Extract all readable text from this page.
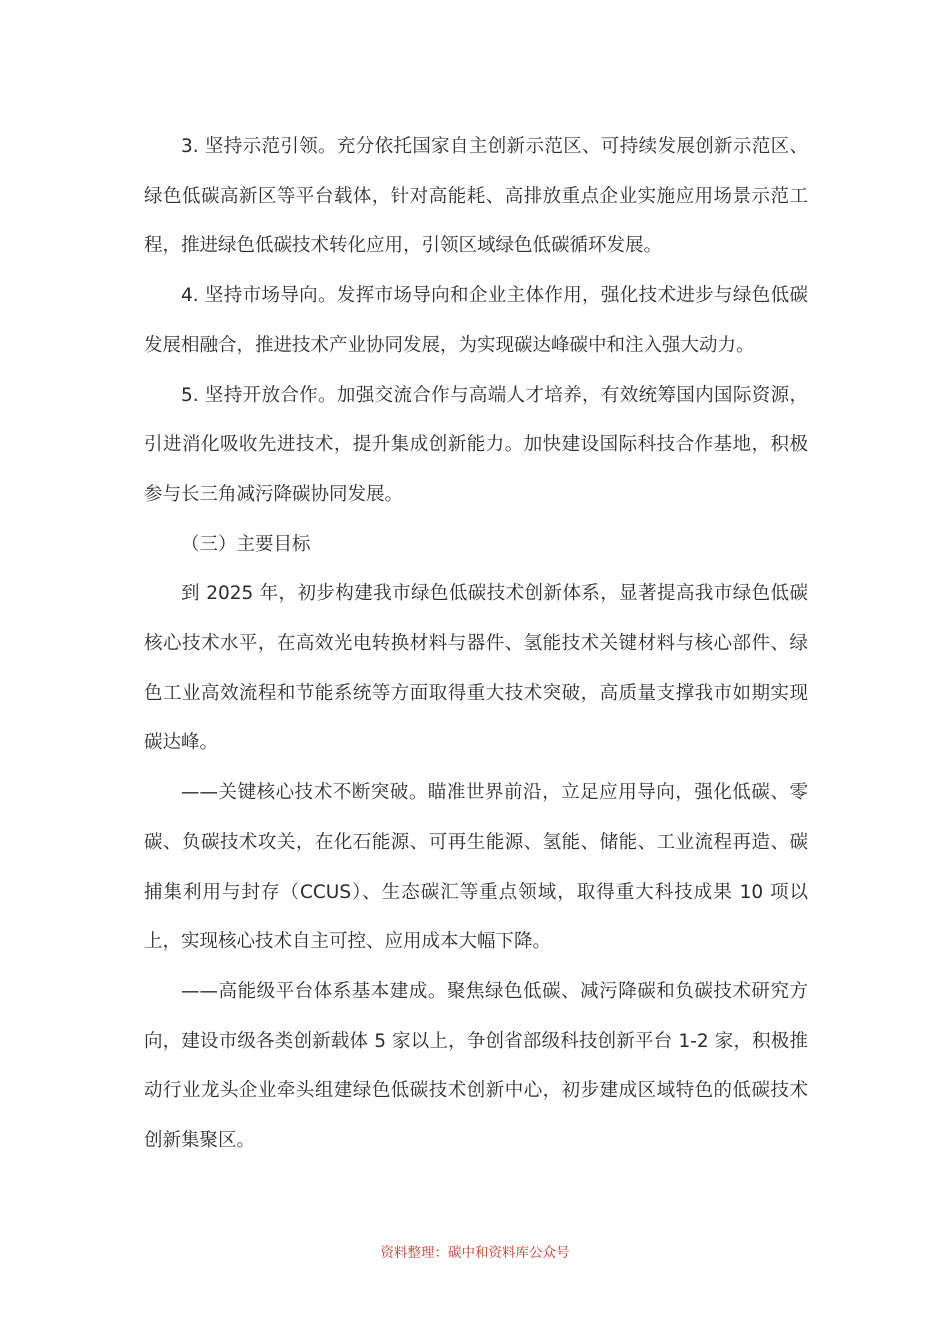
3. 坚持示范引领。充分依托国家自主创新示范区、可持续发展创新示范区、绿色低碳高新区等平台载体，针对高能耗、高排放重点企业实施应用场景示范工程，推进绿色低碳技术转化应用，引领区域绿色低碳循环发展。

4. 坚持市场导向。发挥市场导向和企业主体作用，强化技术进步与绿色低碳发展相融合，推进技术产业协同发展，为实现碳达峰碳中和注入强大动力。

5. 坚持开放合作。加强交流合作与高端人才培养，有效统筹国内国际资源，引进消化吸收先进技术，提升集成创新能力。加快建设国际科技合作基地，积极参与长三角减污降碳协同发展。

（三）主要目标

到 2025 年，初步构建我市绿色低碳技术创新体系，显著提高我市绿色低碳核心技术水平，在高效光电转换材料与器件、氢能技术关键材料与核心部件、绿色工业高效流程和节能系统等方面取得重大技术突破，高质量支撑我市如期实现碳达峰。

——关键核心技术不断突破。瞄准世界前沿，立足应用导向，强化低碳、零碳、负碳技术攻关，在化石能源、可再生能源、氢能、储能、工业流程再造、碳捕集利用与封存（CCUS）、生态碳汇等重点领域，取得重大科技成果 10 项以上，实现核心技术自主可控、应用成本大幅下降。

——高能级平台体系基本建成。聚焦绿色低碳、减污降碳和负碳技术研究方向，建设市级各类创新载体 5 家以上，争创省部级科技创新平台 1-2 家，积极推动行业龙头企业牵头组建绿色低碳技术创新中心，初步建成区域特色的低碳技术创新集聚区。

资料整理：碳中和资料库公众号
